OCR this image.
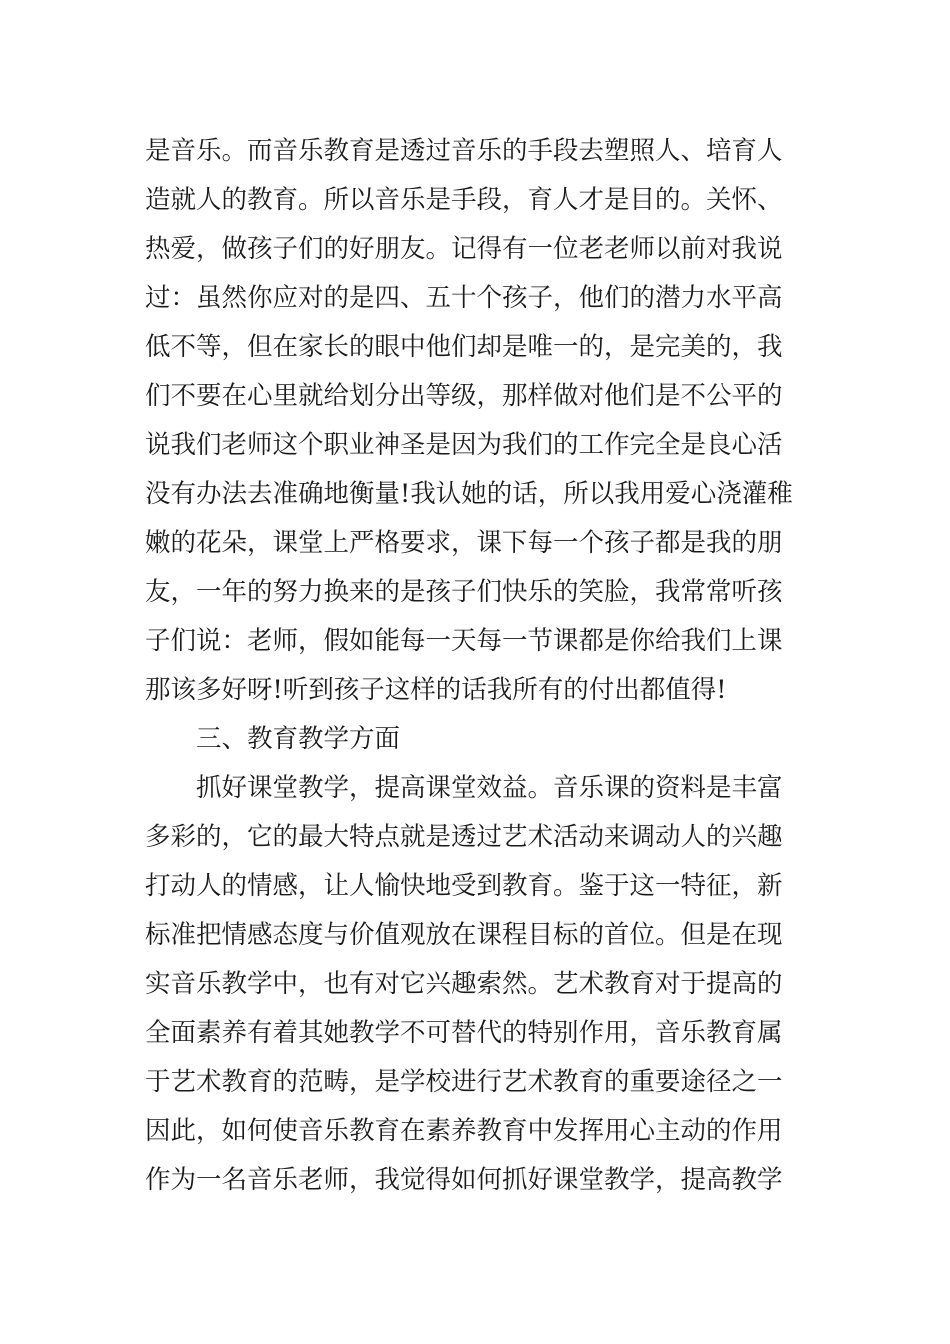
是音乐。而音乐教育是透过音乐的手段去塑照人、培育人
造就人的教育。所以音乐是手段，育人才是目的。关怀、
热爱，做孩子们的好朋友。记得有一位老老师以前对我说
过：虽然你应对的是四、五十个孩子，他们的潜力水平高
低不等，但在家长的眼中他们却是唯一的，是完美的，我
们不要在心里就给划分出等级，那样做对他们是不公平的
说我们老师这个职业神圣是因为我们的工作完全是良心活
没有办法去准确地衡量!我认她的话，所以我用爱心浇灌稚
嫩的花朵，课堂上严格要求，课下每一个孩子都是我的朋
友，一年的努力换来的是孩子们快乐的笑脸，我常常听孩
子们说：老师，假如能每一天每一节课都是你给我们上课
那该多好呀!听到孩子这样的话我所有的付出都值得!
三、教育教学方面
抓好课堂教学，提高课堂效益。音乐课的资料是丰富
多彩的，它的最大特点就是透过艺术活动来调动人的兴趣
打动人的情感，让人愉快地受到教育。鉴于这一特征，新
标准把情感态度与价值观放在课程目标的首位。但是在现
实音乐教学中，也有对它兴趣索然。艺术教育对于提高的
全面素养有着其她教学不可替代的特别作用，音乐教育属
于艺术教育的范畴，是学校进行艺术教育的重要途径之一
因此，如何使音乐教育在素养教育中发挥用心主动的作用
作为一名音乐老师，我觉得如何抓好课堂教学，提高教学
